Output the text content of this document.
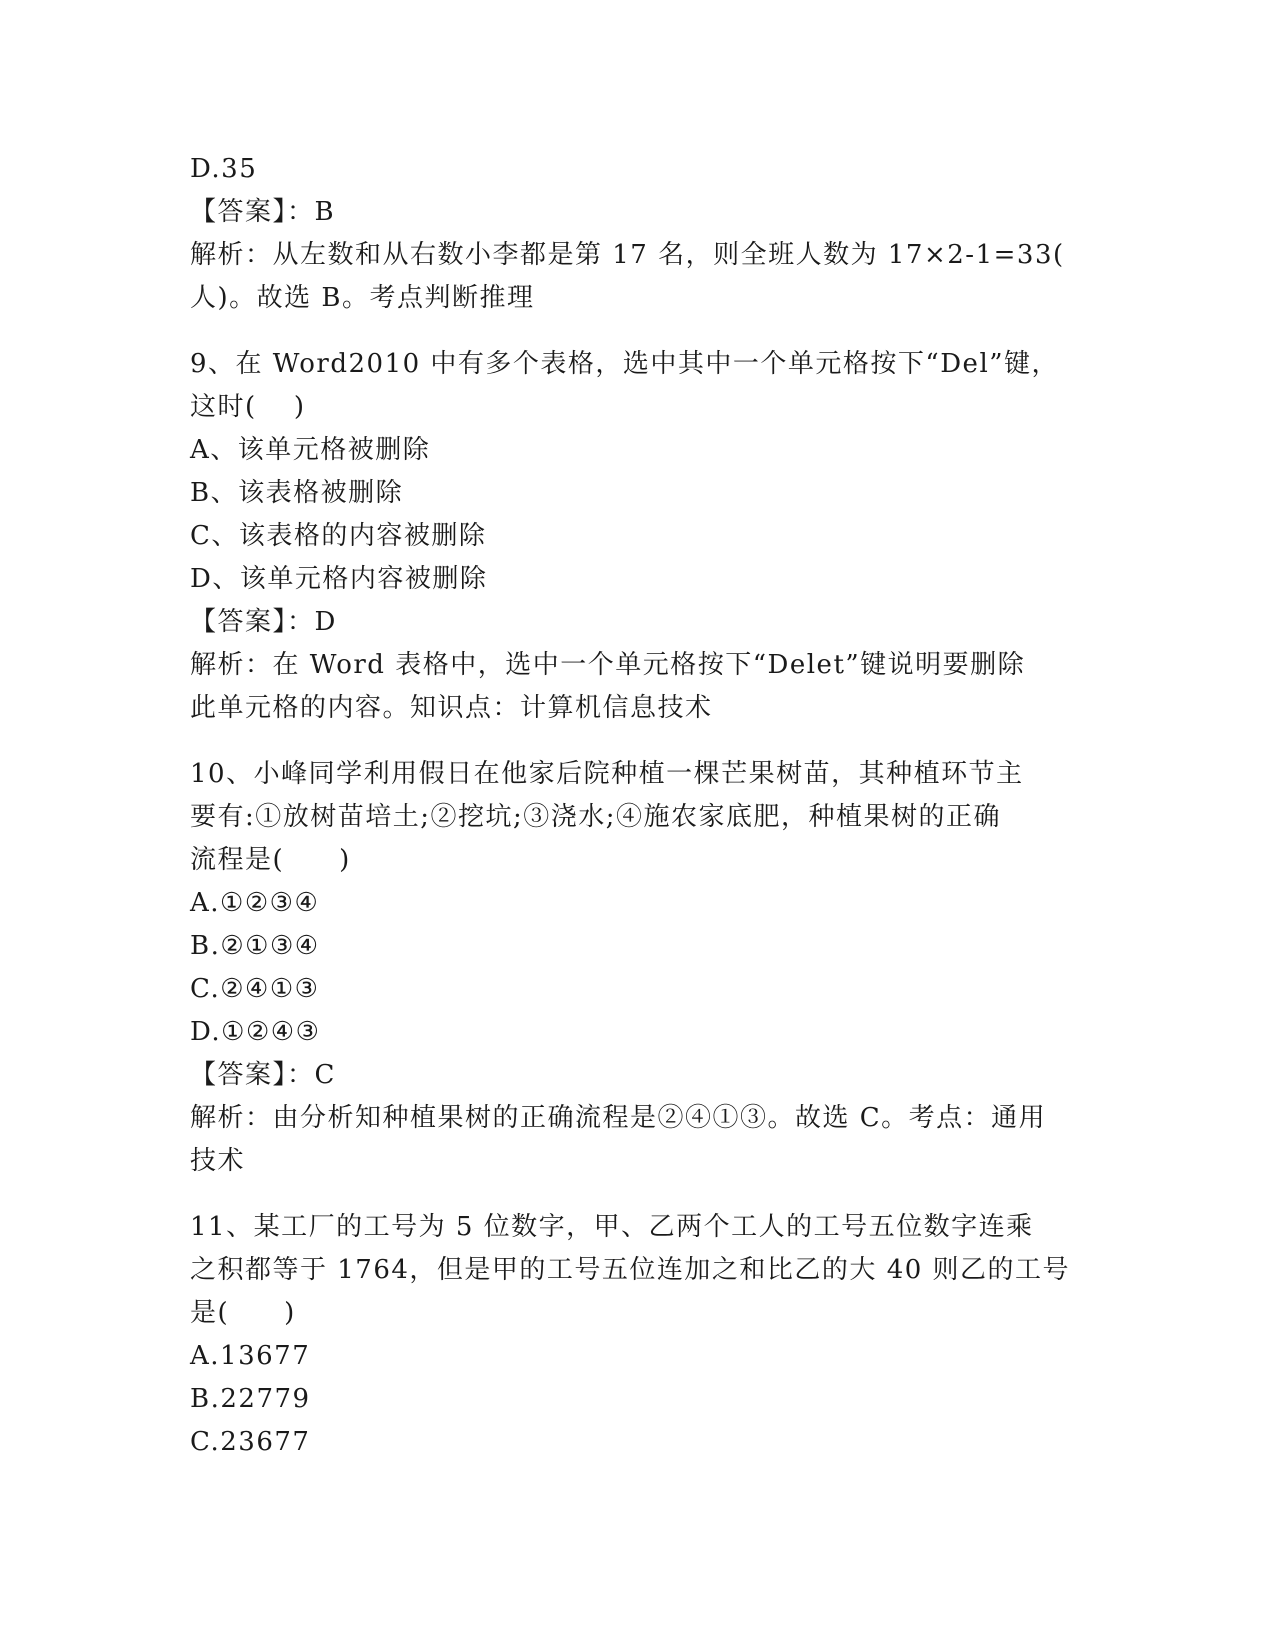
D.35
【答案】：B
解析：从左数和从右数小李都是第 17 名，则全班人数为 17×2-1=33(
人)。故选 B。考点判断推理
9、在 Word2010 中有多个表格，选中其中一个单元格按下“Del”键，
这时(　 )
A、该单元格被删除
B、该表格被删除
C、该表格的内容被删除
D、该单元格内容被删除
【答案】：D
解析：在 Word 表格中，选中一个单元格按下“Delet”键说明要删除
此单元格的内容。知识点：计算机信息技术
10、小峰同学利用假日在他家后院种植一棵芒果树苗，其种植环节主
要有:①放树苗培土;②挖坑;③浇水;④施农家底肥，种植果树的正确
流程是(　　)
A.①②③④
B.②①③④
C.②④①③
D.①②④③
【答案】：C
解析：由分析知种植果树的正确流程是②④①③。故选 C。考点：通用
技术
11、某工厂的工号为 5 位数字，甲、乙两个工人的工号五位数字连乘
之积都等于 1764，但是甲的工号五位连加之和比乙的大 40 则乙的工号
是(　　)
A.13677
B.22779
C.23677
